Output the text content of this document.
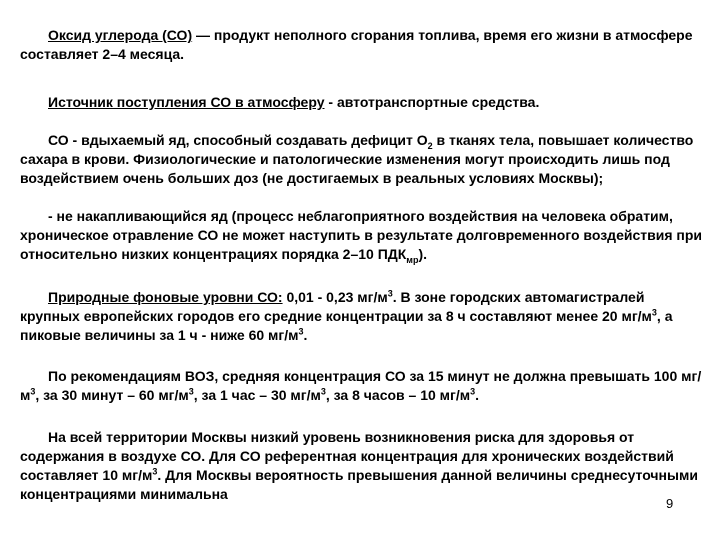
Оксид углерода (СО) — продукт неполного сгорания топлива, время его жизни в атмосфере составляет 2–4 месяца.

Источник поступления СО в атмосферу - автотранспортные средства.

СО - вдыхаемый яд, способный создавать дефицит $О_2$ в тканях тела, повышает количество сахара в крови. Физиологические и патологические изменения могут происходить лишь под воздействием очень больших доз (не достигаемых в реальных условиях Москвы);

- не накапливающийся яд (процесс неблагоприятного воздействия на человека обратим, хроническое отравление СО не может наступить в результате долговременного воздействия при относительно низких концентрациях порядка 2–10 $ПДК_{мр}$).

Природные фоновые уровни СО: 0,01 - 0,23 $мг/м^3$. В зоне городских автомагистралей крупных европейских городов его средние концентрации за 8 ч составляют менее 20 $мг/м^3$, а пиковые величины за 1 ч - ниже 60 $мг/м^3$.

По рекомендациям ВОЗ, средняя концентрация СО за 15 минут не должна превышать 100 $мг/м^3$, за 30 минут – 60 $мг/м^3$, за 1 час – 30 $мг/м^3$, за 8 часов – 10 $мг/м^3$.

На всей территории Москвы низкий уровень возникновения риска для здоровья от содержания в воздухе СО. Для СО референтная концентрация для хронических воздействий составляет 10 $мг/м^3$. Для Москвы вероятность превышения данной величины среднесуточными концентрациями минимальна

9
